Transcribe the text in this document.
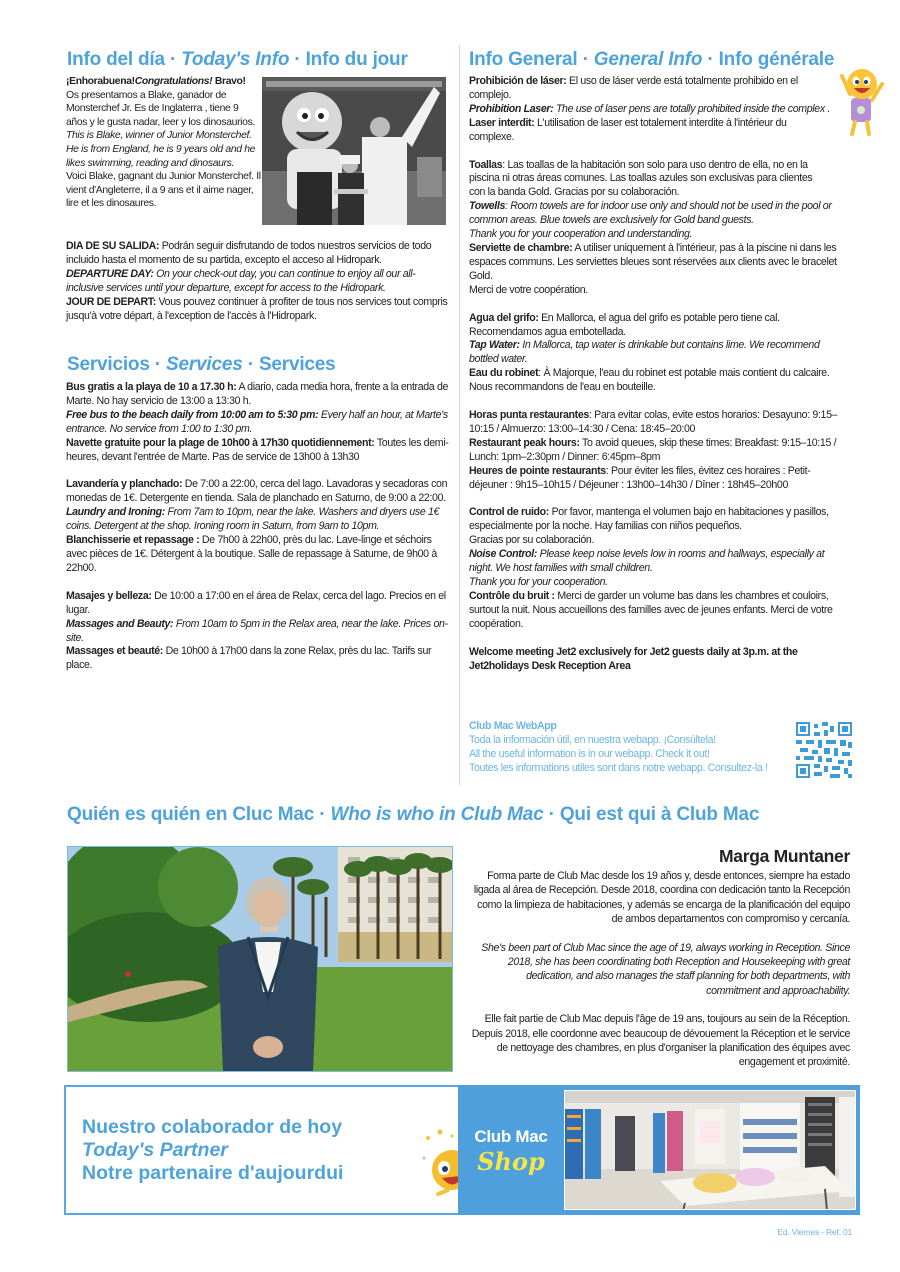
Info del día · Today's Info · Info du jour
¡Enhorabuena!Congratulations! Bravo!
Os presentamos a Blake, ganador de Monsterchef Jr. Es de Inglaterra , tiene 9 años y le gusta nadar, leer y los dinosaurios.
This is Blake, winner of Junior Monsterchef. He is from England, he is 9 years old and he likes swimming, reading and dinosaurs.
Voici Blake, gagnant du Junior Monsterchef. Il vient d'Angleterre, il a 9 ans et il aime nager, lire et les dinosaures.
DIA DE SU SALIDA: Podrán seguir disfrutando de todos nuestros servicios de todo incluido hasta el momento de su partida, excepto el acceso al Hidropark.
DEPARTURE DAY: On your check-out day, you can continue to enjoy all our all-inclusive services until your departure, except for access to the Hidropark.
JOUR DE DEPART: Vous pouvez continuer à profiter de tous nos services tout compris jusqu'à votre départ, à l'exception de l'accès à l'Hidropark.
Servicios · Services · Services
Bus gratis a la playa de 10 a 17.30 h: A diario, cada media hora, frente a la entrada de Marte. No hay servicio de 13:00 a 13:30 h.
Free bus to the beach daily from 10:00 am to 5:30 pm: Every half an hour, at Marte's entrance. No service from 1:00 to 1:30 pm.
Navette gratuite pour la plage de 10h00 à 17h30 quotidiennement: Toutes les demi-heures, devant l'entrée de Marte. Pas de service de 13h00 à 13h30
Lavandería y planchado: De 7:00 a 22:00, cerca del lago. Lavadoras y secadoras con monedas de 1€. Detergente en tienda. Sala de planchado en Saturno, de 9:00 a 22:00.
Laundry and Ironing: From 7am to 10pm, near the lake. Washers and dryers use 1€ coins. Detergent at the shop. Ironing room in Saturn, from 9am to 10pm.
Blanchisserie et repassage : De 7h00 à 22h00, près du lac. Lave-linge et séchoirs avec pièces de 1€. Détergent à la boutique. Salle de repassage à Saturne, de 9h00 à 22h00.
Masajes y belleza: De 10:00 a 17:00 en el área de Relax, cerca del lago. Precios en el lugar.
Massages and Beauty: From 10am to 5pm in the Relax area, near the lake. Prices on-site.
Massages et beauté: De 10h00 à 17h00 dans la zone Relax, près du lac. Tarifs sur place.
Info General · General Info · Info générale
Prohibición de láser: El uso de láser verde está totalmente prohibido en el complejo.
Prohibition Laser: The use of laser pens are totally prohibited inside the complex .
Laser interdit: L'utilisation de laser est totalement interdite à l'intérieur du complexe.
Toallas: Las toallas de la habitación son solo para uso dentro de ella, no en la piscina ni otras áreas comunes. Las toallas azules son exclusivas para clientes con la banda Gold. Gracias por su colaboración.
Towells: Room towels are for indoor use only and should not be used in the pool or common areas. Blue towels are exclusively for Gold band guests.
Thank you for your cooperation and understanding.
Serviette de chambre: A utiliser uniquement à l'intérieur, pas à la piscine ni dans les espaces communs. Les serviettes bleues sont réservées aux clients avec le bracelet Gold.
Merci de votre coopération.
Agua del grifo: En Mallorca, el agua del grifo es potable pero tiene cal. Recomendamos agua embotellada.
Tap Water: In Mallorca, tap water is drinkable but contains lime. We recommend bottled water.
Eau du robinet: À Majorque, l'eau du robinet est potable mais contient du calcaire. Nous recommandons de l'eau en bouteille.
Horas punta restaurantes: Para evitar colas, evite estos horarios: Desayuno: 9:15–10:15 / Almuerzo: 13:00–14:30 / Cena: 18:45–20:00
Restaurant peak hours: To avoid queues, skip these times: Breakfast: 9:15–10:15 / Lunch: 1pm–2:30pm / Dinner: 6:45pm–8pm
Heures de pointe restaurants: Pour éviter les files, évitez ces horaires : Petit-déjeuner : 9h15–10h15 / Déjeuner : 13h00–14h30 / Dîner : 18h45–20h00
Control de ruido: Por favor, mantenga el volumen bajo en habitaciones y pasillos, especialmente por la noche. Hay familias con niños pequeños.
Gracias por su colaboración.
Noise Control: Please keep noise levels low in rooms and hallways, especially at night. We host families with small children.
Thank you for your cooperation.
Contrôle du bruit : Merci de garder un volume bas dans les chambres et couloirs, surtout la nuit. Nous accueillons des familles avec de jeunes enfants. Merci de votre coopération.
Welcome meeting Jet2 exclusively for Jet2 guests daily at 3p.m. at the Jet2holidays Desk Reception Area
Club Mac WebApp
Toda la información útil, en nuestra webapp. ¡Consúltela!
All the useful information is in our webapp. Check it out!
Toutes les informations utiles sont dans notre webapp. Consultez-la !
Quién es quién en Cluc Mac · Who is who in Club Mac · Qui est qui à Club Mac
Marga Muntaner
Forma parte de Club Mac desde los 19 años y, desde entonces, siempre ha estado ligada al área de Recepción. Desde 2018, coordina con dedicación tanto la Recepción como la limpieza de habitaciones, y además se encarga de la planificación del equipo de ambos departamentos con compromiso y cercanía.
She's been part of Club Mac since the age of 19, always working in Reception. Since 2018, she has been coordinating both Reception and Housekeeping with great dedication, and also manages the staff planning for both departments, with commitment and approachability.
Elle fait partie de Club Mac depuis l'âge de 19 ans, toujours au sein de la Réception. Depuis 2018, elle coordonne avec beaucoup de dévouement la Réception et le service de nettoyage des chambres, en plus d'organiser la planification des équipes avec engagement et proximité.
Nuestro colaborador de hoy
Today's Partner
Notre partenaire d'aujourdui
Club Mac
Shop
Ed. Viernes - Ref. 01
